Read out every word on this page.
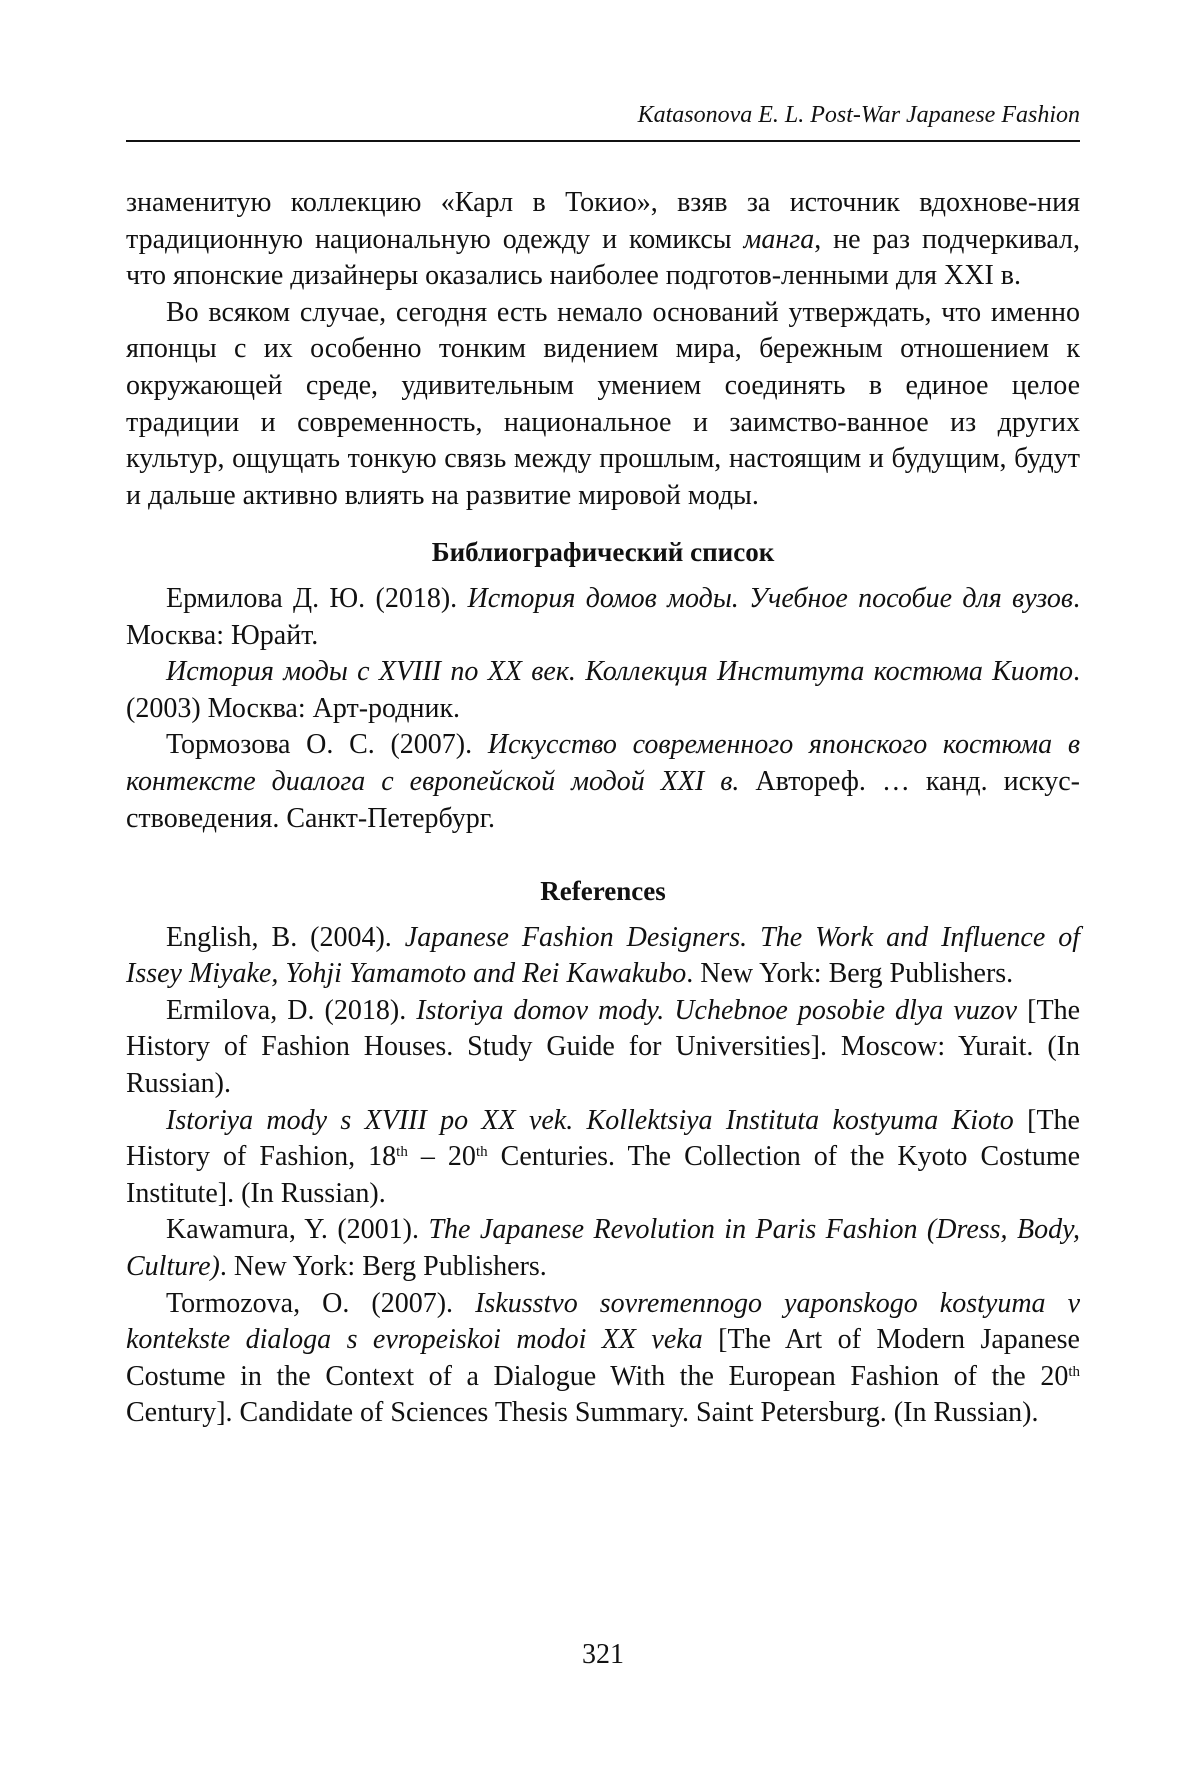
Katasonova E. L. Post-War Japanese Fashion

знаменитую коллекцию «Карл в Токио», взяв за источник вдохнове-ния традиционную национальную одежду и комиксы манга, не раз подчеркивал, что японские дизайнеры оказались наиболее подготов-ленными для XXI в.

Во всяком случае, сегодня есть немало оснований утверждать, что именно японцы с их особенно тонким видением мира, бережным отношением к окружающей среде, удивительным умением соединять в единое целое традиции и современность, национальное и заимство-ванное из других культур, ощущать тонкую связь между прошлым, настоящим и будущим, будут и дальше активно влиять на развитие мировой моды.

Библиографический список

Ермилова Д. Ю. (2018). История домов моды. Учебное пособие для вузов. Москва: Юрайт.

История моды с XVIII по XX век. Коллекция Института костюма Киото. (2003) Москва: Арт-родник.

Тормозова О. С. (2007). Искусство современного японского костюма в контексте диалога с европейской модой XXI в. Автореф. … канд. искус-ствоведения. Санкт-Петербург.

References

English, B. (2004). Japanese Fashion Designers. The Work and Influence of Issey Miyake, Yohji Yamamoto and Rei Kawakubo. New York: Berg Publishers.

Ermilova, D. (2018). Istoriya domov mody. Uchebnoe posobie dlya vuzov [The History of Fashion Houses. Study Guide for Universities]. Moscow: Yurait. (In Russian).

Istoriya mody s XVIII po XX vek. Kollektsiya Instituta kostyuma Kioto [The History of Fashion, 18th – 20th Centuries. The Collection of the Kyoto Costume Institute]. (In Russian).

Kawamura, Y. (2001). The Japanese Revolution in Paris Fashion (Dress, Body, Culture). New York: Berg Publishers.

Tormozova, O. (2007). Iskusstvo sovremennogo yaponskogo kostyuma v kontekste dialoga s evropeiskoi modoi XX veka [The Art of Modern Japanese Costume in the Context of a Dialogue With the European Fashion of the 20th Century]. Candidate of Sciences Thesis Summary. Saint Petersburg. (In Russian).

321
